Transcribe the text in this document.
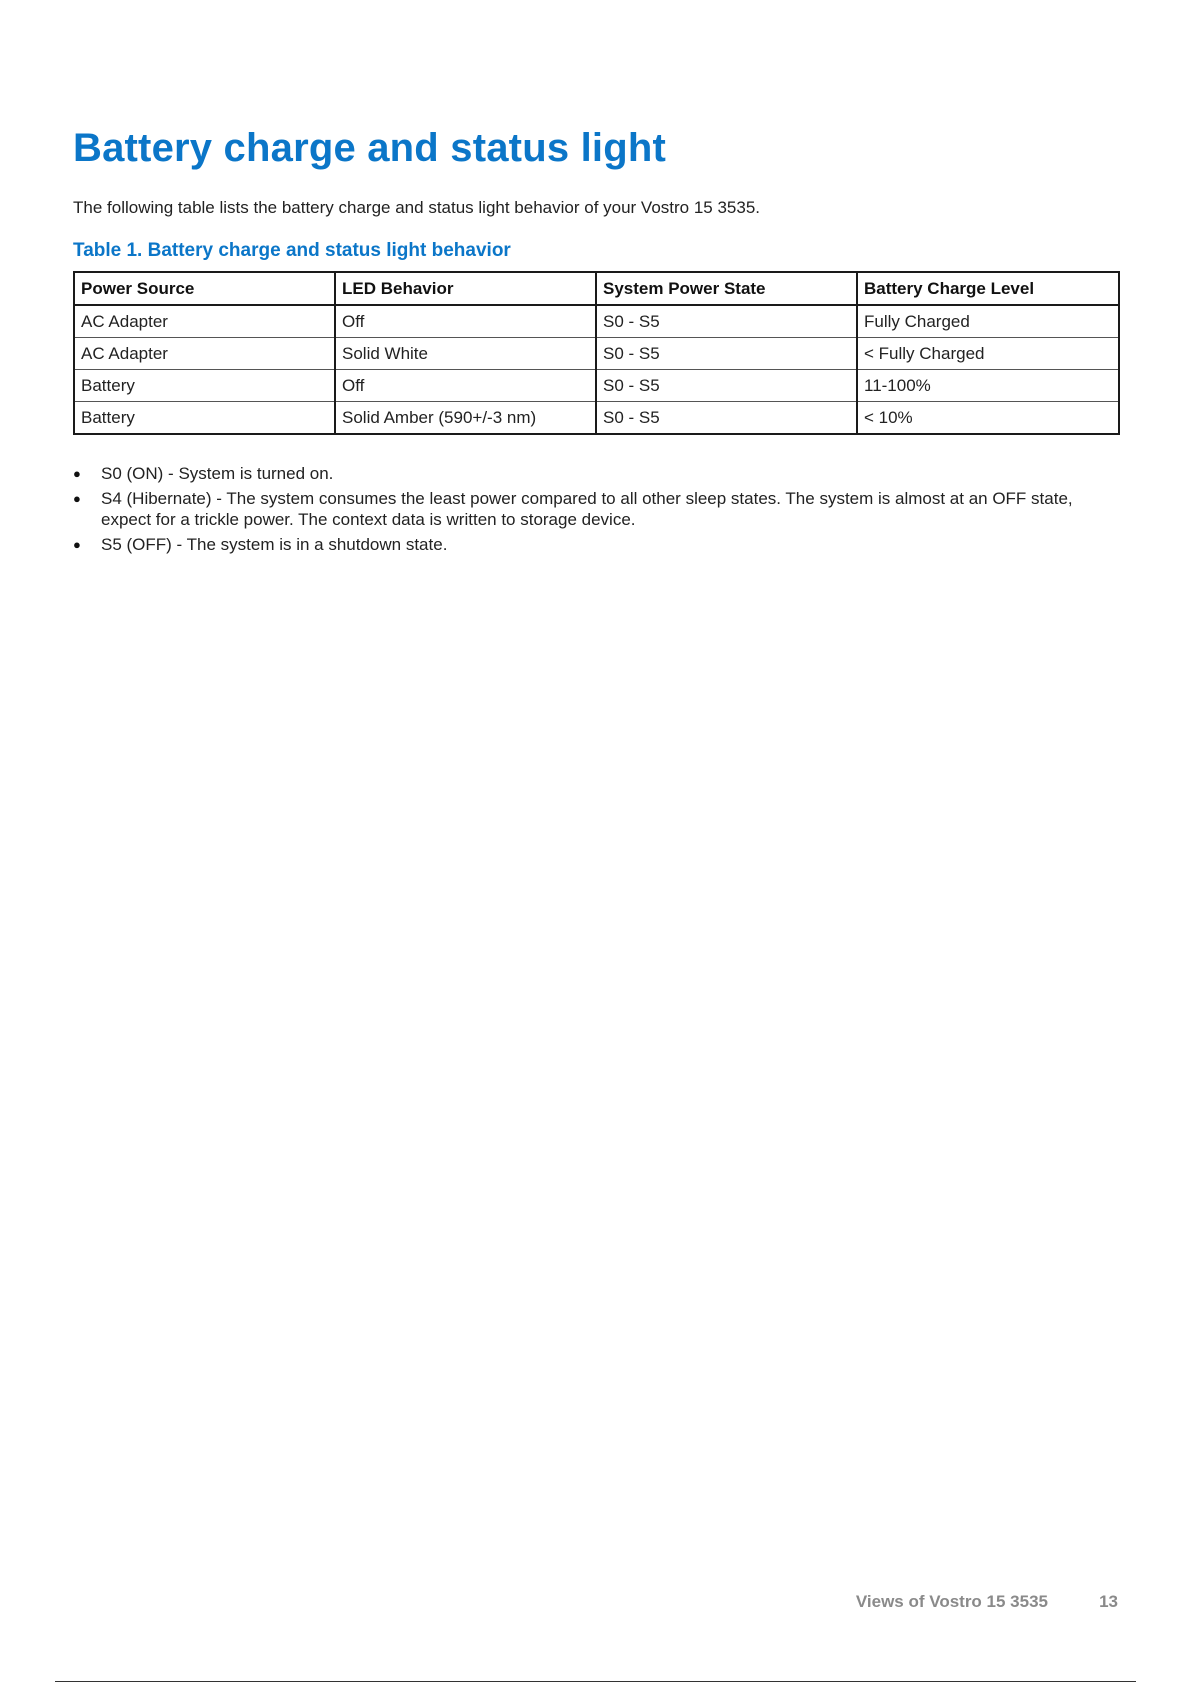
Battery charge and status light

The following table lists the battery charge and status light behavior of your Vostro 15 3535.

Table 1. Battery charge and status light behavior

Power Source	LED Behavior	System Power State	Battery Charge Level
AC Adapter	Off	S0 - S5	Fully Charged
AC Adapter	Solid White	S0 - S5	< Fully Charged
Battery	Off	S0 - S5	11-100%
Battery	Solid Amber (590+/-3 nm)	S0 - S5	< 10%
● S0 (ON) - System is turned on.
● S4 (Hibernate) - The system consumes the least power compared to all other sleep states. The system is almost at an OFF state, expect for a trickle power. The context data is written to storage device.
● S5 (OFF) - The system is in a shutdown state.
Views of Vostro 15 3535	13
